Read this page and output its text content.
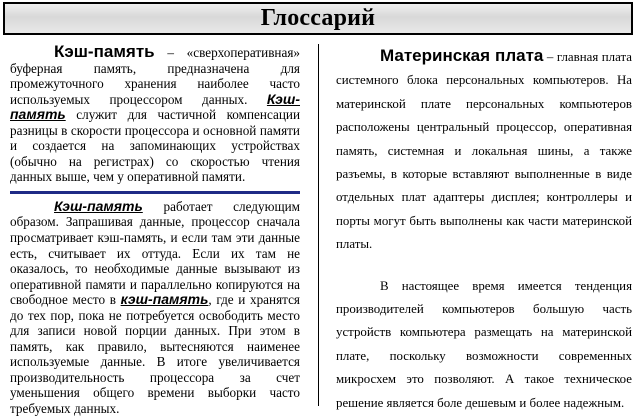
Глоссарий

Кэш-память – «сверхоперативная» буферная память, предназначена для промежуточного хранения наиболее часто используемых процессором данных. Кэш-память служит для частичной компенсации разницы в скорости процессора и основной памяти и создается на запоминающих устройствах (обычно на регистрах) со скоростью чтения данных выше, чем у оперативной памяти.

Кэш-память работает следующим образом. Запрашивая данные, процессор сначала просматривает кэш-память, и если там эти данные есть, считывает их оттуда. Если их там не оказалось, то необходимые данные вызывают из оперативной памяти и параллельно копируются на свободное место в кэш-память, где и хранятся до тех пор, пока не потребуется освободить место для записи новой порции данных. При этом в память, как правило, вытесняются наименее используемые данные. В итоге увеличивается производительность процессора за счет уменьшения общего времени выборки часто требуемых данных.

Материнская плата – главная плата системного блока персональных компьютеров. На материнской плате персональных компьютеров расположены центральный процессор, оперативная память, системная и локальная шины, а также разъемы, в которые вставляют выполненные в виде отдельных плат адаптеры дисплея; контроллеры и порты могут быть выполнены как части материнской платы.

В настоящее время имеется тенденция производителей компьютеров большую часть устройств компьютера размещать на материнской плате, поскольку возможности современных микросхем это позволяют. А такое техническое решение является боле дешевым и более надежным.
